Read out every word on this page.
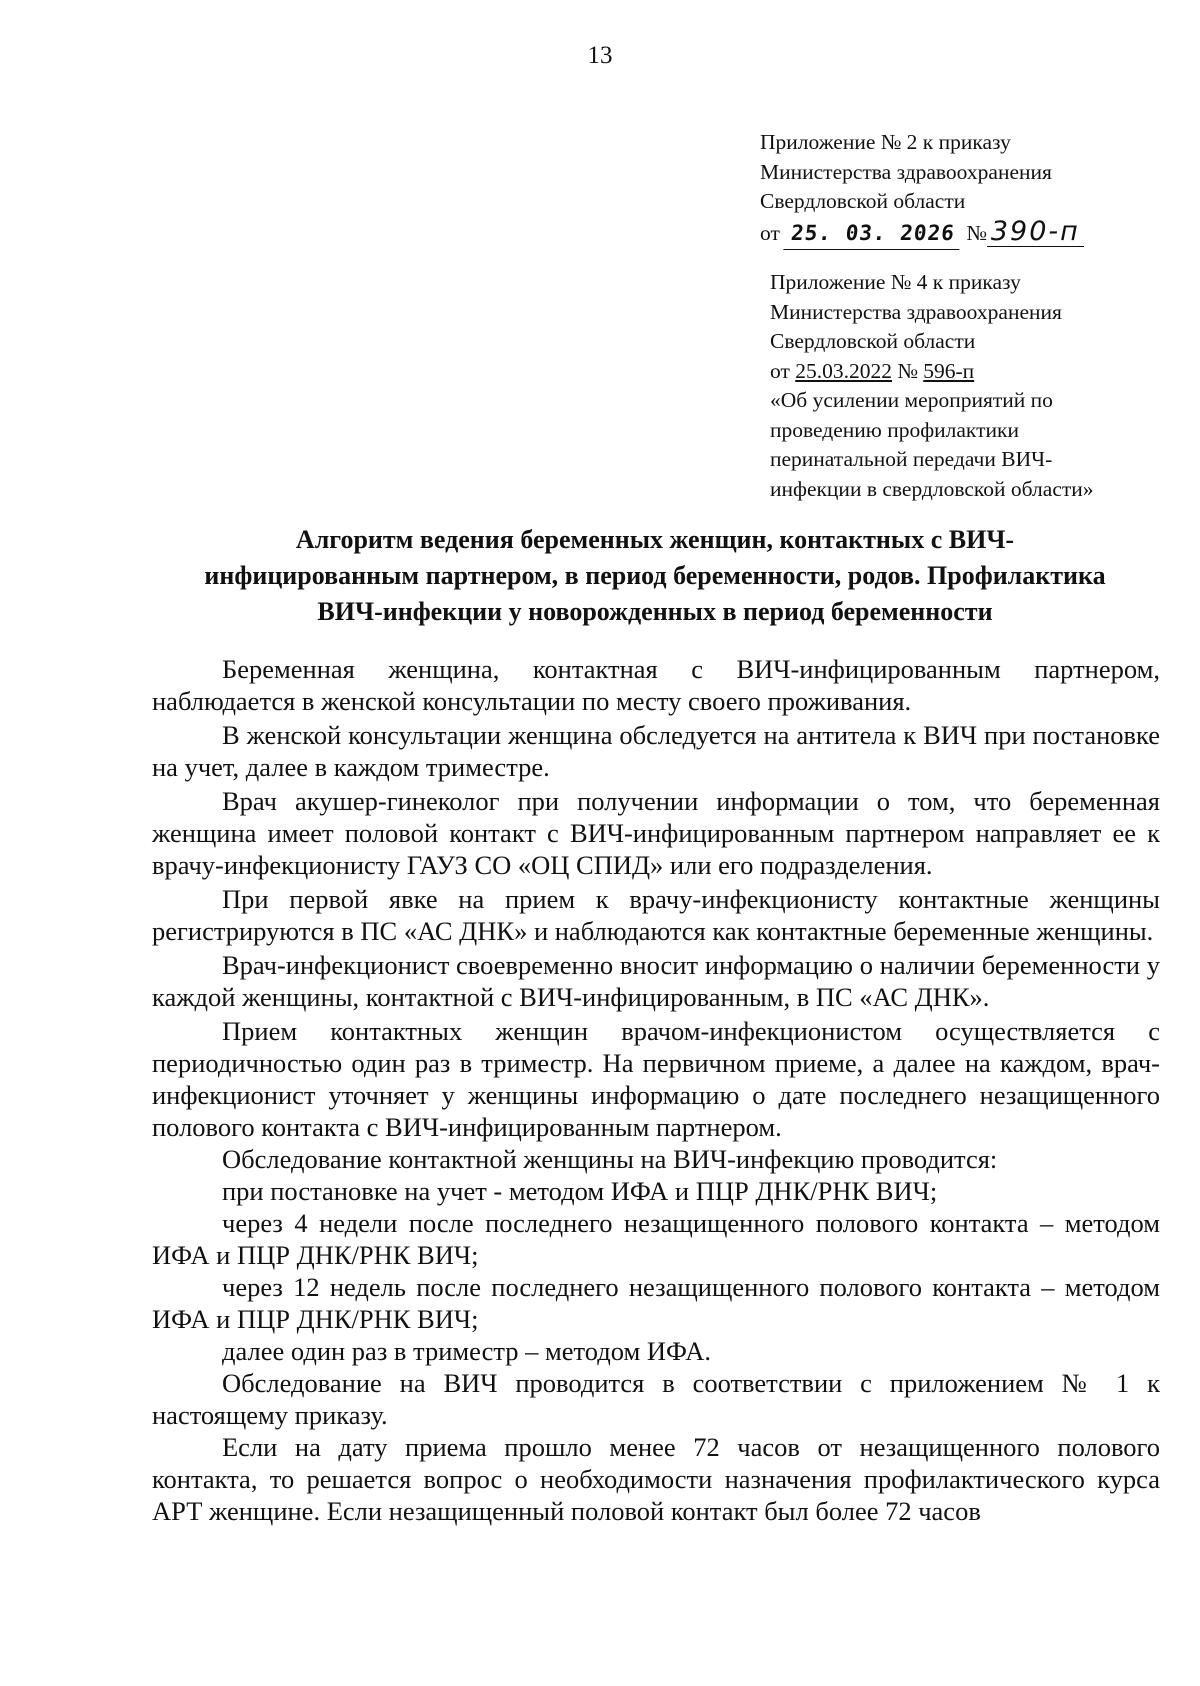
13
Приложение № 2 к приказу
Министерства здравоохранения
Свердловской области
от 25. 03. 2026 № 390-п
Приложение № 4 к приказу
Министерства здравоохранения
Свердловской области
от 25.03.2022 № 596-п
«Об усилении мероприятий по
проведению профилактики
перинатальной передачи ВИЧ-
инфекции в свердловской области»
Алгоритм ведения беременных женщин, контактных с ВИЧ-
инфицированным партнером, в период беременности, родов. Профилактика
ВИЧ-инфекции у новорожденных в период беременности

Беременная женщина, контактная с ВИЧ-инфицированным партнером, наблюдается в женской консультации по месту своего проживания.

В женской консультации женщина обследуется на антитела к ВИЧ при постановке на учет, далее в каждом триместре.

Врач акушер-гинеколог при получении информации о том, что беременная женщина имеет половой контакт с ВИЧ-инфицированным партнером направляет ее к врачу-инфекционисту ГАУЗ СО «ОЦ СПИД» или его подразделения.

При первой явке на прием к врачу-инфекционисту контактные женщины регистрируются в ПС «АС ДНК» и наблюдаются как контактные беременные женщины.

Врач-инфекционист своевременно вносит информацию о наличии беременности у каждой женщины, контактной с ВИЧ-инфицированным, в ПС «АС ДНК».

Прием контактных женщин врачом-инфекционистом осуществляется с периодичностью один раз в триместр. На первичном приеме, а далее на каждом, врач-инфекционист уточняет у женщины информацию о дате последнего незащищенного полового контакта с ВИЧ-инфицированным партнером.

Обследование контактной женщины на ВИЧ-инфекцию проводится:

при постановке на учет - методом ИФА и ПЦР ДНК/РНК ВИЧ;

через 4 недели после последнего незащищенного полового контакта – методом ИФА и ПЦР ДНК/РНК ВИЧ;

через 12 недель после последнего незащищенного полового контакта – методом ИФА и ПЦР ДНК/РНК ВИЧ;

далее один раз в триместр – методом ИФА.

Обследование на ВИЧ проводится в соответствии с приложением № 1 к настоящему приказу.

Если на дату приема прошло менее 72 часов от незащищенного полового контакта, то решается вопрос о необходимости назначения профилактического курса АРТ женщине. Если незащищенный половой контакт был более 72 часов
